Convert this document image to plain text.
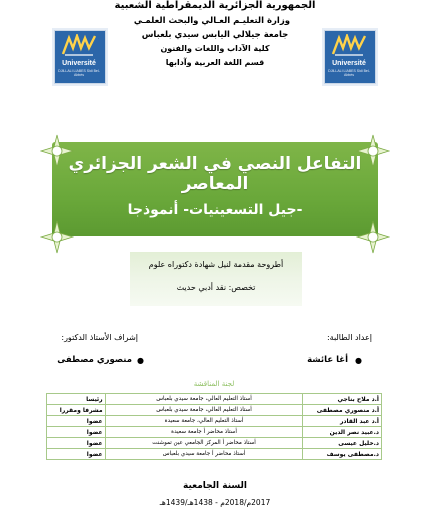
الجمهورية الجزائرية الديمقراطية الشعبية
وزارة التعليـم العـالي والبحث العلمـي
جامعة جيلالي اليابس سيدي بلعباس
كلية الآداب واللغات والفنون
قسم اللغة العربية وآدابها
Université
DJILLALI LIABES Sidi Bel-Abbès
Université
DJILLALI LIABES Sidi Bel-Abbès
التفاعل النصي في الشعر الجزائري المعاصر
-جيل التسعينيات- أنموذجا
أطروحة مقدمة لنيل شهادة دكتوراه علوم
تخصص: نقد أدبي حديث
إعداد الطالبة:
إشراف الأستاذ الدكتور:
●
أغا عائشة
●
منصوري مصطفى
لجنة المناقشة
أ.د ملاح بناجي	أستاذ التعليم العالي، جامعة سيدي بلعباس	رئيسا
أ.د منصوري مصطفى	أستاذ التعليم العالي، جامعة سيدي بلعباس	مشرفا ومقررا
أ.د عبد القادر	أستاذ التعليم العالي، جامعة سعيدة	عضوا
د.عبيد نصر الدين	أستاذ محاضر أ جامعة سعيدة	عضوا
د.خليل عيسى	أستاذ محاضر أ المركز الجامعي عين تموشنت	عضوا
د.مصطفى يوسف	أستاذ محاضر أ جامعة سيدي بلعباس	عضوا
السنة الجامعية
2017م/2018م - 1438هـ/1439هـ
